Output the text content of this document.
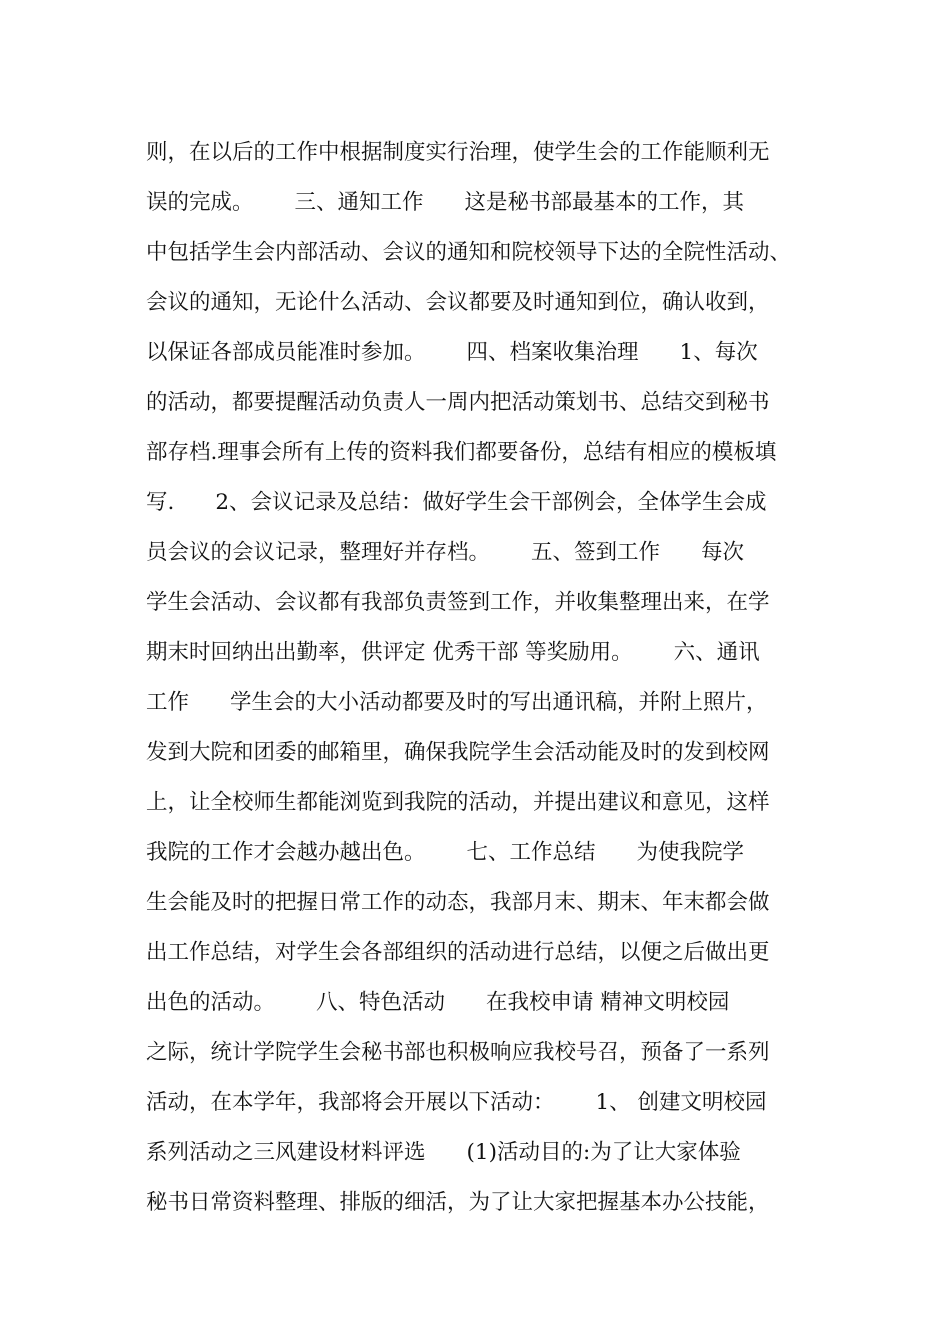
则，在以后的工作中根据制度实行治理，使学生会的工作能顺利无
误的完成。      三、通知工作      这是秘书部最基本的工作，其
中包括学生会内部活动、会议的通知和院校领导下达的全院性活动、
会议的通知，无论什么活动、会议都要及时通知到位，确认收到，
以保证各部成员能准时参加。      四、档案收集治理      1、每次
的活动，都要提醒活动负责人一周内把活动策划书、总结交到秘书
部存档.理事会所有上传的资料我们都要备份，总结有相应的模板填
写.      2、会议记录及总结：做好学生会干部例会，全体学生会成
员会议的会议记录，整理好并存档。      五、签到工作      每次
学生会活动、会议都有我部负责签到工作，并收集整理出来，在学
期末时回纳出出勤率，供评定 优秀干部 等奖励用。      六、通讯
工作      学生会的大小活动都要及时的写出通讯稿，并附上照片，
发到大院和团委的邮箱里，确保我院学生会活动能及时的发到校网
上，让全校师生都能浏览到我院的活动，并提出建议和意见，这样
我院的工作才会越办越出色。      七、工作总结      为使我院学
生会能及时的把握日常工作的动态，我部月末、期末、年末都会做
出工作总结，对学生会各部组织的活动进行总结，以便之后做出更
出色的活动。      八、特色活动      在我校申请 精神文明校园
之际，统计学院学生会秘书部也积极响应我校号召，预备了一系列
活动，在本学年，我部将会开展以下活动：      1、 创建文明校园
系列活动之三风建设材料评选      (1)活动目的:为了让大家体验
秘书日常资料整理、排版的细活，为了让大家把握基本办公技能，
